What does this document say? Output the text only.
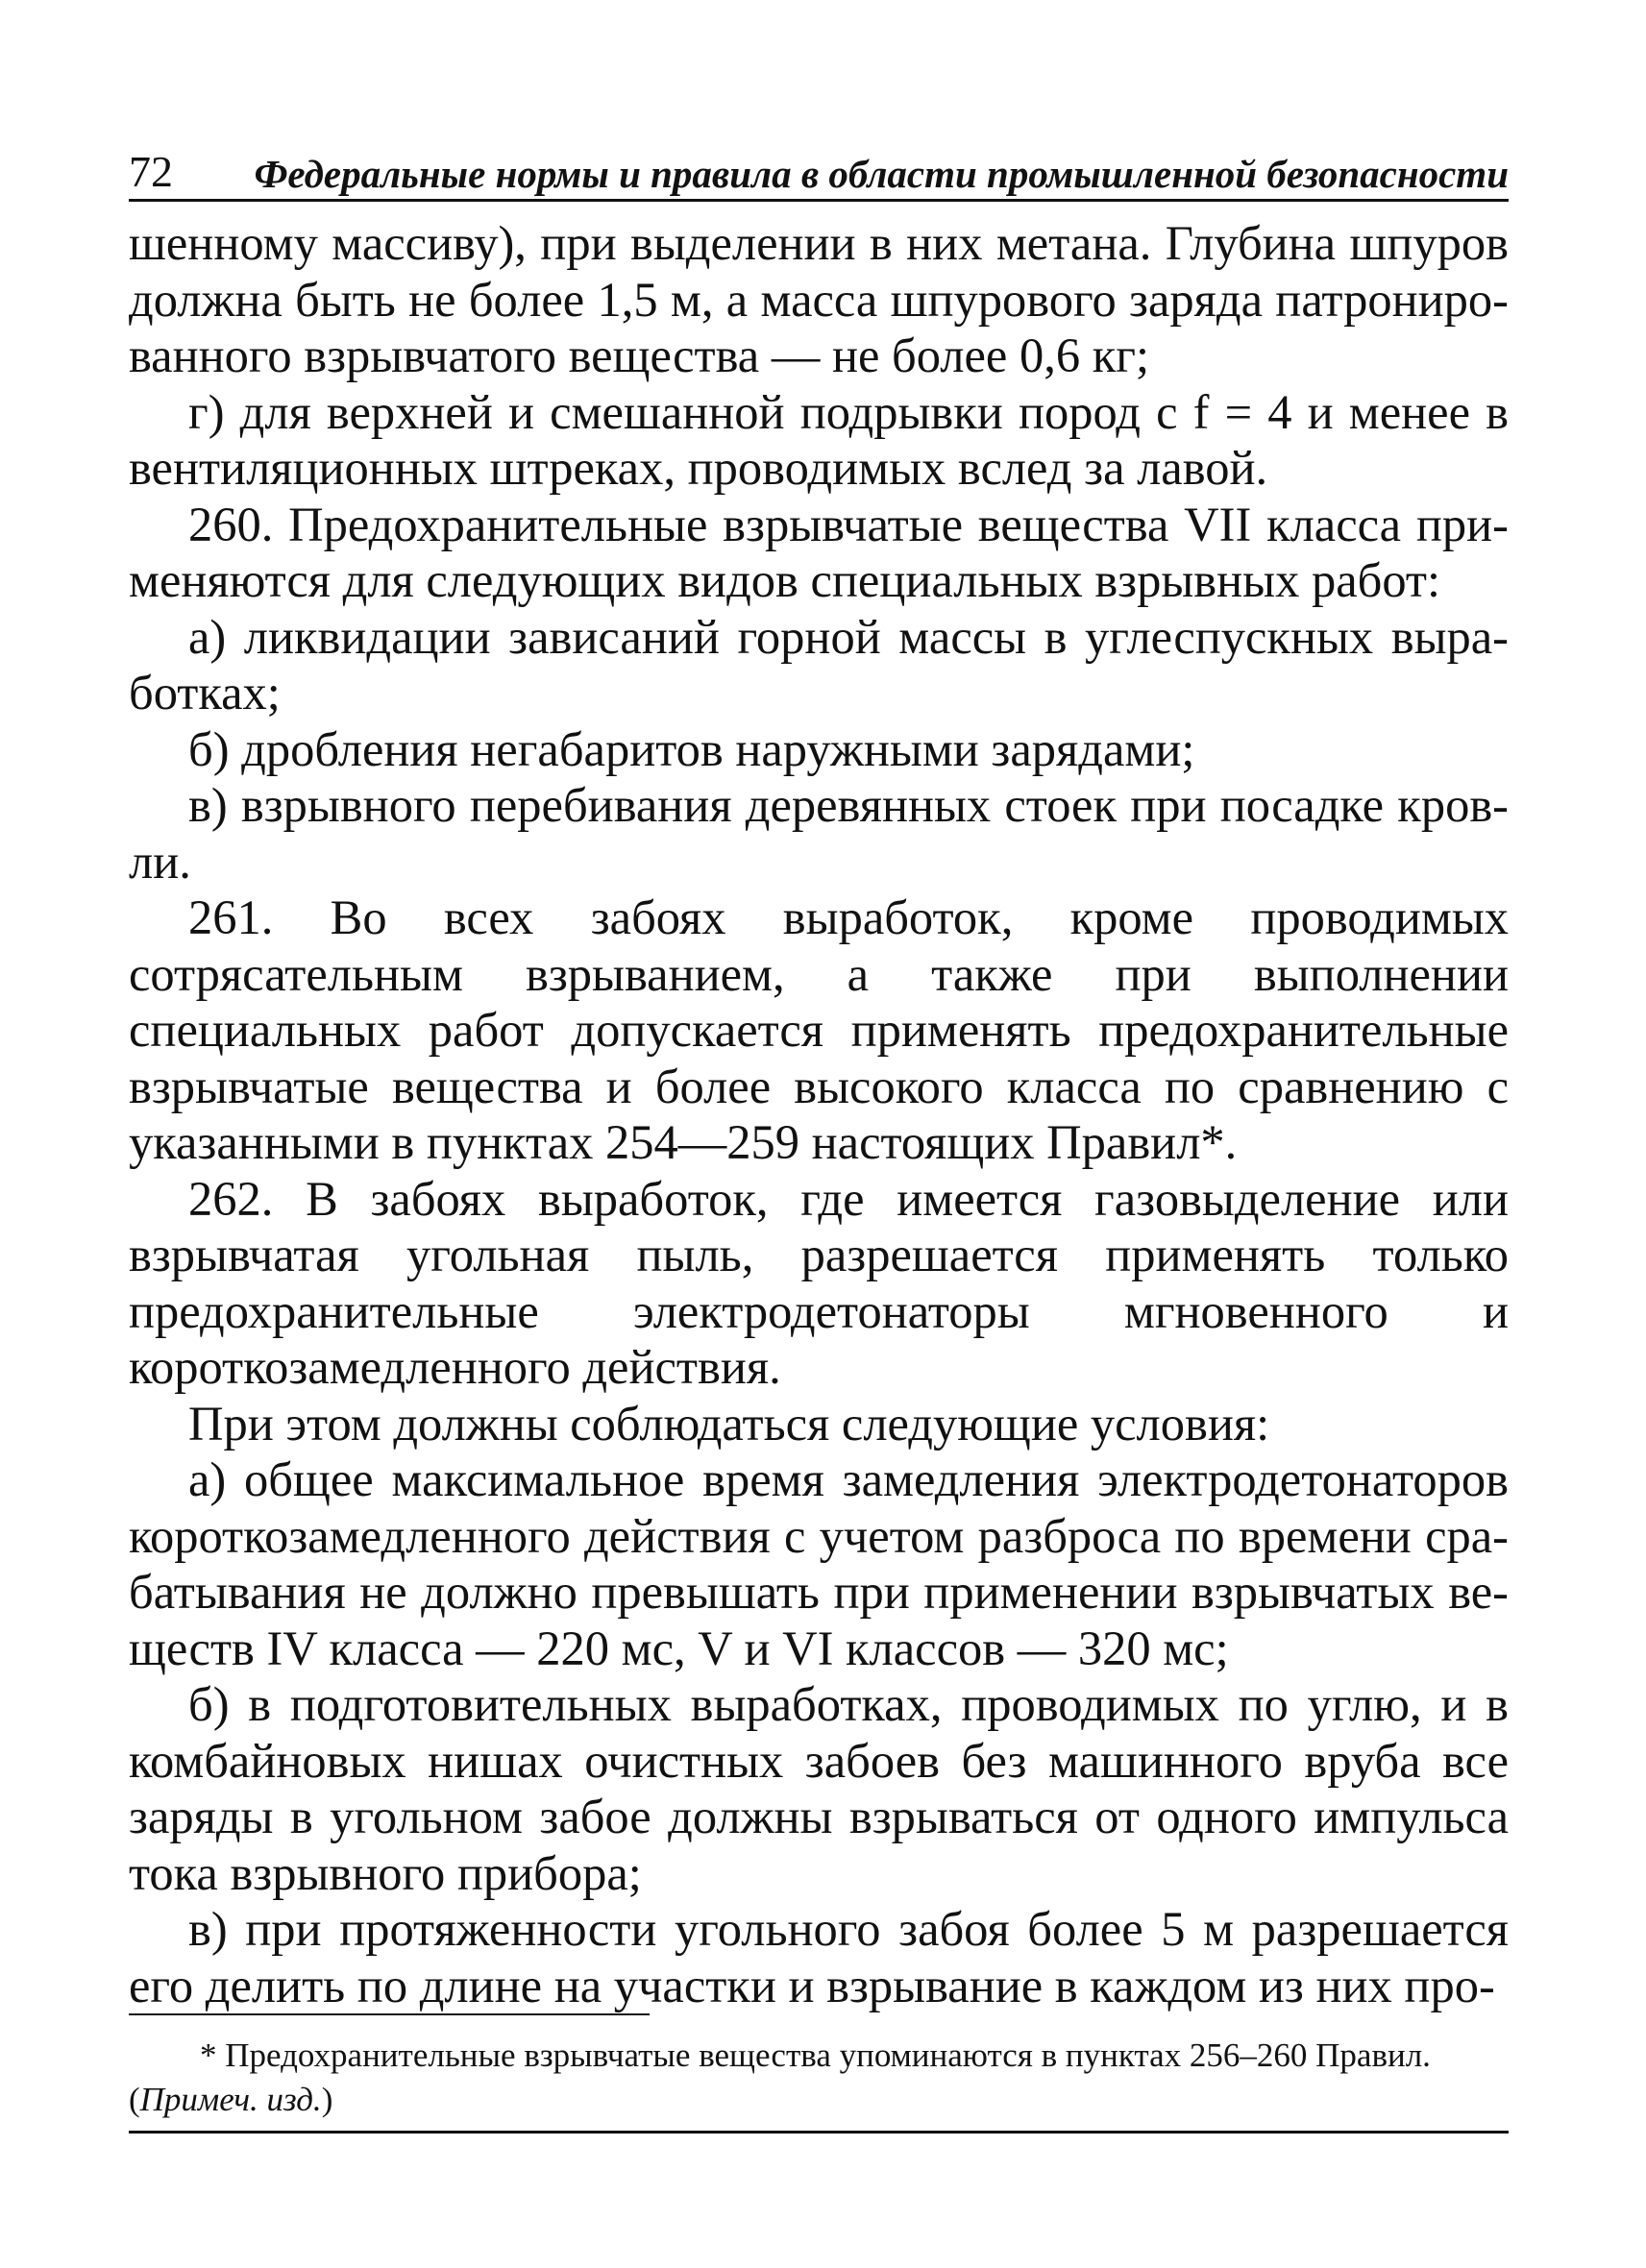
72 Федеральные нормы и правила в области промышленной безопасности

шенному массиву), при выделении в них метана. Глубина шпуров должна быть не более 1,5 м, а масса шпурового заряда патронированного взрывчатого вещества — не более 0,6 кг;

г) для верхней и смешанной подрывки пород с f = 4 и менее в вентиляционных штреках, проводимых вслед за лавой.

260. Предохранительные взрывчатые вещества VII класса применяются для следующих видов специальных взрывных работ:

а) ликвидации зависаний горной массы в углеспускных выработках;

б) дробления негабаритов наружными зарядами;

в) взрывного перебивания деревянных стоек при посадке кровли.

261. Во всех забоях выработок, кроме проводимых сотрясательным взрыванием, а также при выполнении специальных работ допускается применять предохранительные взрывчатые вещества и более высокого класса по сравнению с указанными в пунктах 254—259 настоящих Правил*.

262. В забоях выработок, где имеется газовыделение или взрывчатая угольная пыль, разрешается применять только предохранительные электродетонаторы мгновенного и короткозамедленного действия.

При этом должны соблюдаться следующие условия:

а) общее максимальное время замедления электродетонаторов короткозамедленного действия с учетом разброса по времени срабатывания не должно превышать при применении взрывчатых веществ IV класса — 220 мс, V и VI классов — 320 мс;

б) в подготовительных выработках, проводимых по углю, и в комбайновых нишах очистных забоев без машинного вруба все заряды в угольном забое должны взрываться от одного импульса тока взрывного прибора;

в) при протяженности угольного забоя более 5 м разрешается его делить по длине на участки и взрывание в каждом из них про-

* Предохранительные взрывчатые вещества упоминаются в пунктах 256–260 Правил.
(Примеч. изд.)
